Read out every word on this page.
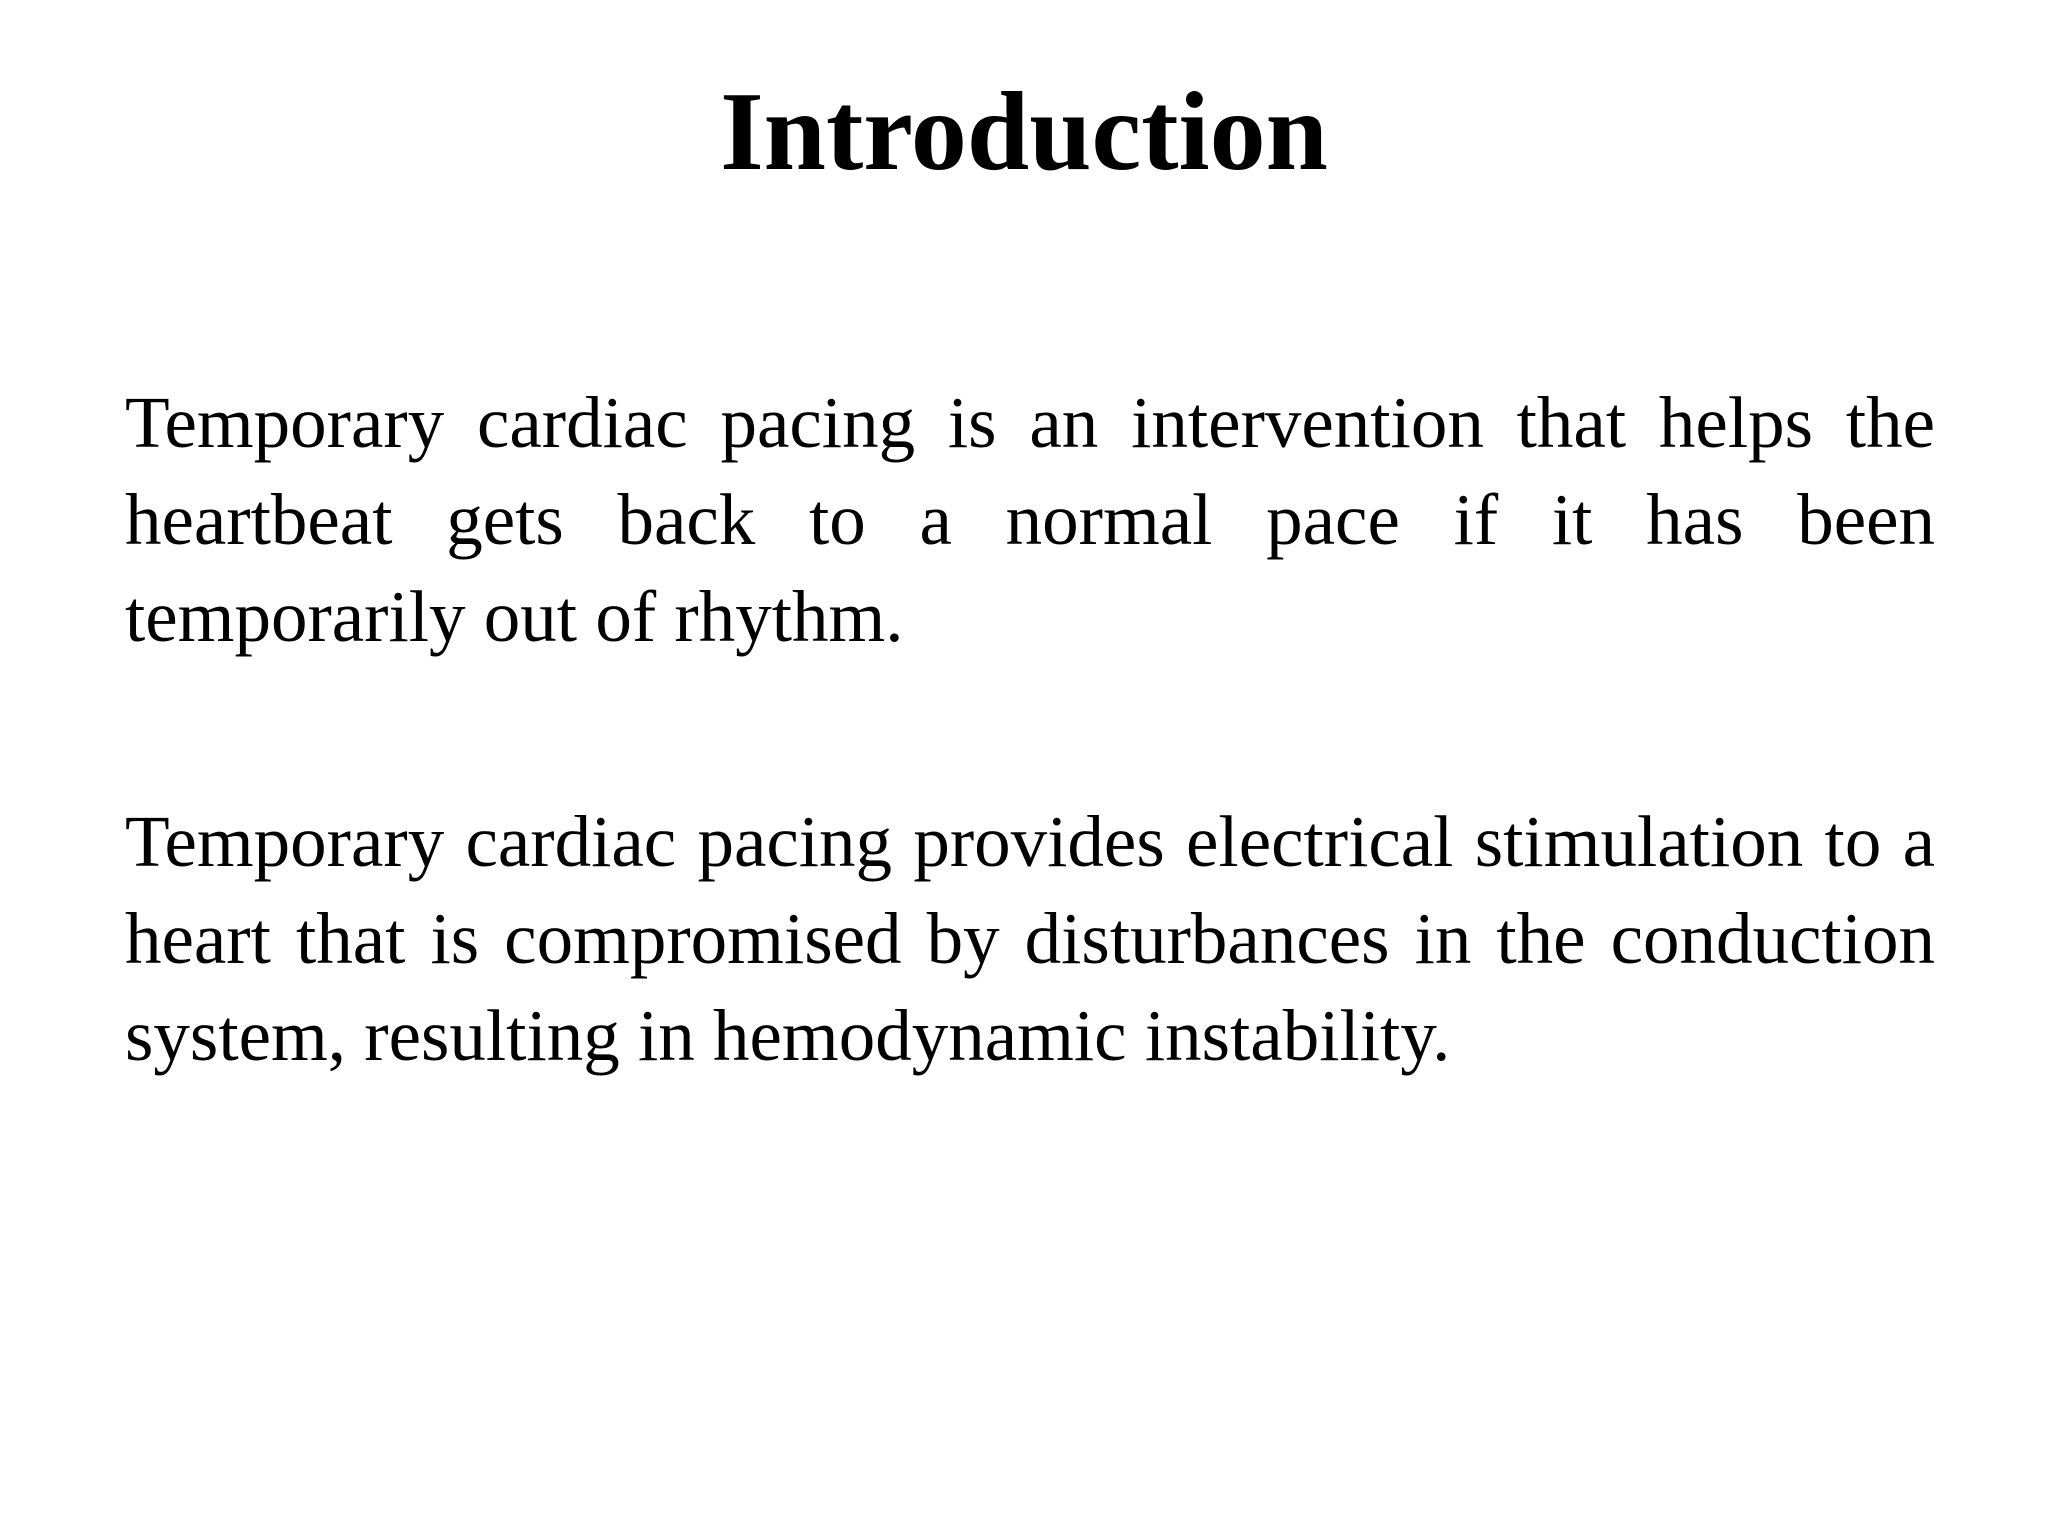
Introduction

Temporary cardiac pacing is an intervention that helps the heartbeat gets back to a normal pace if it has been temporarily out of rhythm.

Temporary cardiac pacing provides electrical stimulation to a heart that is compromised by disturbances in the conduction system, resulting in hemodynamic instability.
